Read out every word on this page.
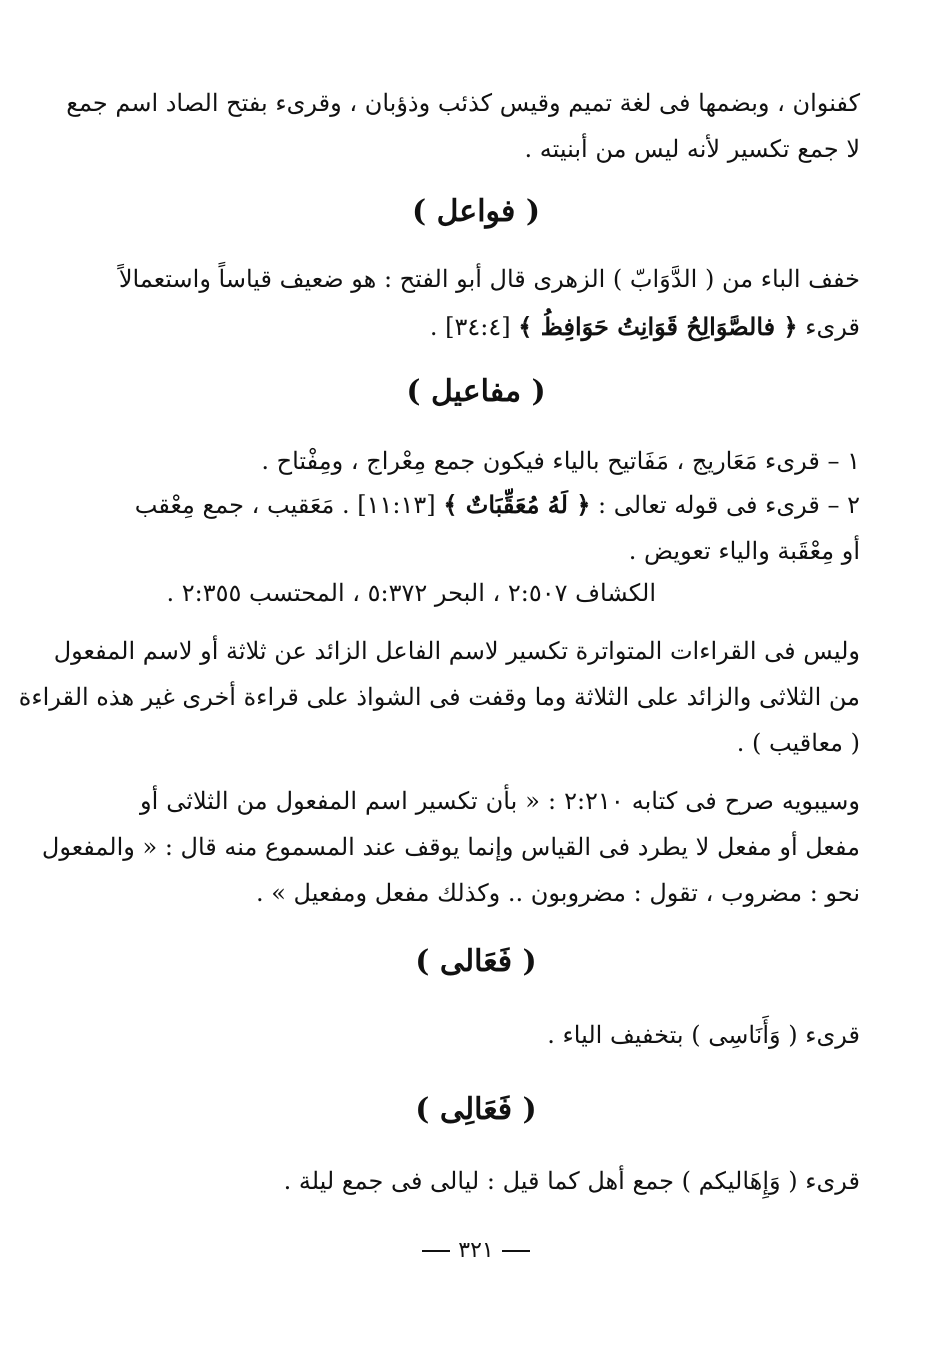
كفنوان ، وبضمها فى لغة تميم وقيس كذئب وذؤبان ، وقرىء بفتح الصاد اسم جمع

لا جمع تكسير لأنه ليس من أبنيته .

( فواعل )

خفف الباء من ( الدَّوَابّ ) الزهرى قال أبو الفتح : هو ضعيف قياساً واستعمالاً

قرىء ﴿ فالصَّوَالِحُ قَوَانِتُ حَوَافِظُ ﴾ [٣٤:٤] .

( مفاعيل )

١ – قرىء مَعَاريج ، مَفَاتيح بالياء فيكون جمع مِعْراج ، ومِفْتاح .

٢ – قرىء فى قوله تعالى : ﴿ لَهُ مُعَقِّبَاتٌ ﴾ [١١:١٣] . مَعَقيب ، جمع مِعْقب

أو مِعْقَبة والياء تعويض .

الكشاف ٢:٥٠٧ ، البحر ٥:٣٧٢ ، المحتسب ٢:٣٥٥ .

وليس فى القراءات المتواترة تكسير لاسم الفاعل الزائد عن ثلاثة أو لاسم المفعول

من الثلاثى والزائد على الثلاثة وما وقفت فى الشواذ على قراءة أخرى غير هذه القراءة

( معاقيب ) .

وسيبويه صرح فى كتابه ٢:٢١٠ : « بأن تكسير اسم المفعول من الثلاثى أو

مفعل أو مفعل لا يطرد فى القياس وإنما يوقف عند المسموع منه قال : « والمفعول

نحو : مضروب ، تقول : مضروبون .. وكذلك مفعل ومفعيل » .

( فَعَالى )

قرىء ( وَأَنَاسِى ) بتخفيف الياء .

( فَعَالِى )

قرىء ( وَإِهَاليكم ) جمع أهل كما قيل : ليالى فى جمع ليلة .

٣٢١
